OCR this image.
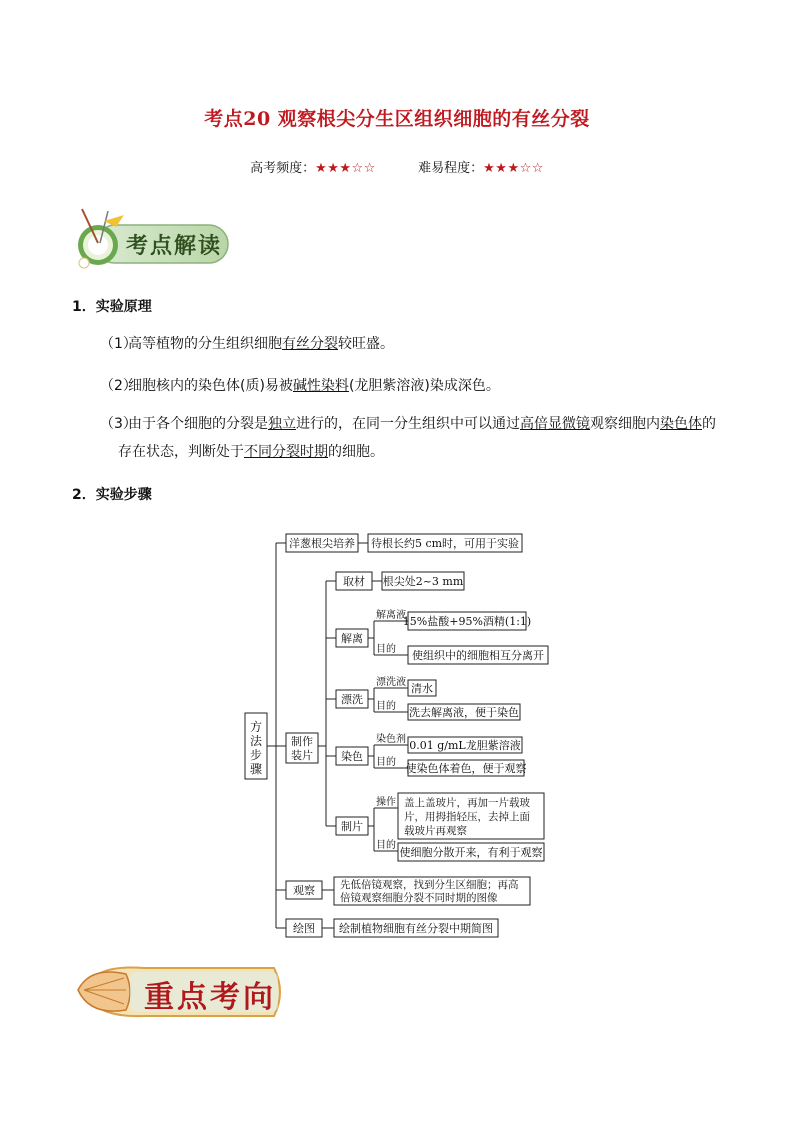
考点20 观察根尖分生区组织细胞的有丝分裂
高考频度：★★★☆☆	难易程度：★★★☆☆
考点解读
1．实验原理
（1）高等植物的分生组织细胞有丝分裂较旺盛。
（2）细胞核内的染色体(质)易被碱性染料(龙胆紫溶液)染成深色。
（3）由于各个细胞的分裂是独立进行的，在同一分生组织中可以通过高倍显微镜观察细胞内染色体的
存在状态，判断处于不同分裂时期的细胞。
2．实验步骤
方
法
步
骤
洋葱根尖培养 待根长约5 cm时，可用于实验
制作
装片
取材 根尖处2~3 mm
解离
解离液
15%盐酸+95%酒精(1:1)
目的 使组织中的细胞相互分离开
漂洗
漂洗液 清水
目的 洗去解离液，便于染色
染色
染色剂 0.01 g/mL龙胆紫溶液
目的 使染色体着色，便于观察
制片
操作 盖上盖玻片，再加一片载玻
片，用拇指轻压，去掉上面
载玻片再观察
目的
使细胞分散开来，有利于观察
观察 先低倍镜观察，找到分生区细胞；再高
倍镜观察细胞分裂不同时期的图像
绘图 绘制植物细胞有丝分裂中期简图
重点考向
